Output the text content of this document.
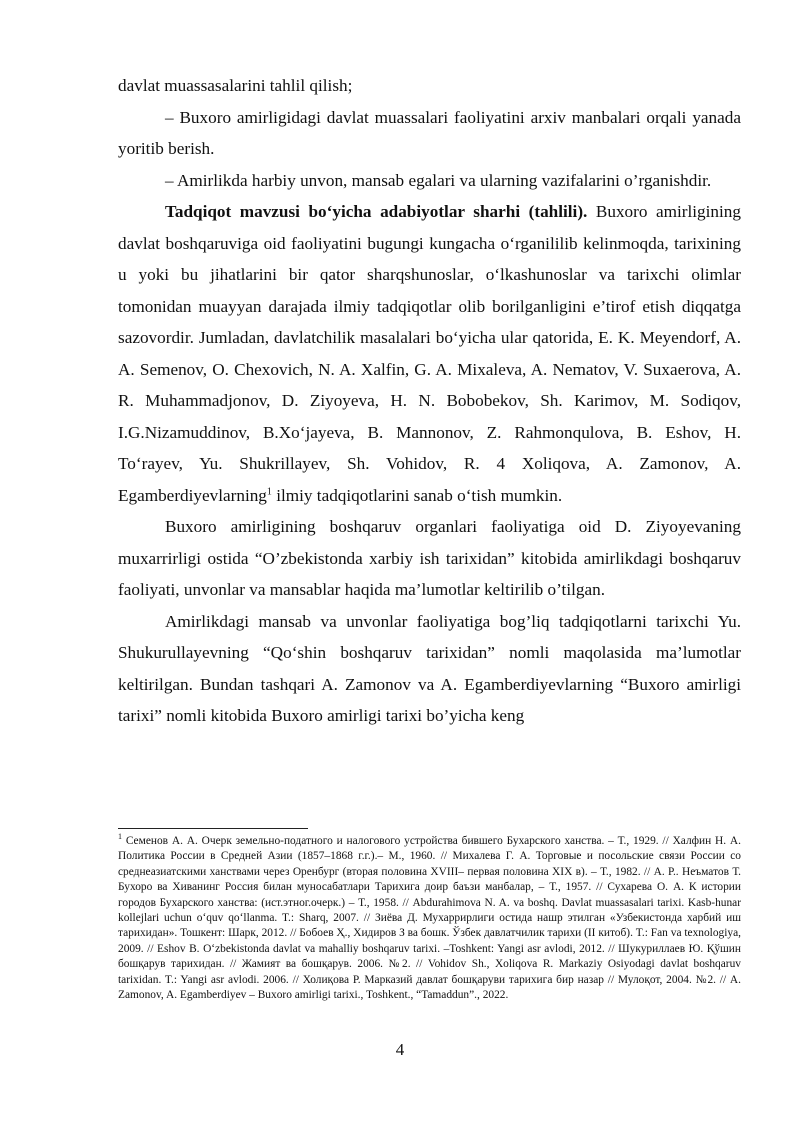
davlat muassasalarini tahlil qilish;

– Buxoro amirligidagi davlat muassalari faoliyatini arxiv manbalari orqali yanada yoritib berish.

– Amirlikda harbiy unvon, mansab egalari va ularning vazifalarini o’rganishdir.

Tadqiqot mavzusi bo‘yicha adabiyotlar sharhi (tahlili). Buxoro amirligining davlat boshqaruviga oid faoliyatini bugungi kungacha o‘rganililib kelinmoqda, tarixining u yoki bu jihatlarini bir qator sharqshunoslar, o‘lkashunoslar va tarixchi olimlar tomonidan muayyan darajada ilmiy tadqiqotlar olib borilganligini e’tirof etish diqqatga sazovordir. Jumladan, davlatchilik masalalari bo‘yicha ular qatorida, E. K. Meyendorf, A. A. Semenov, O. Chexovich, N. A. Xalfin, G. A. Mixaleva, A. Nematov, V. Suxaerova, A. R. Muhammadjonov, D. Ziyoyeva, H. N. Bobobekov, Sh. Karimov, M. Sodiqov, I.G.Nizamuddinov, B.Xo‘jayeva, B. Mannonov, Z. Rahmonqulova, B. Eshov, H. To‘rayev, Yu. Shukrillayev, Sh. Vohidov, R. 4 Xoliqova, A. Zamonov, A. Egamberdiyevlarning$^1$ ilmiy tadqiqotlarini sanab o‘tish mumkin.

Buxoro amirligining boshqaruv organlari faoliyatiga oid D. Ziyoyevaning muxarrirligi ostida “O’zbekistonda xarbiy ish tarixidan” kitobida amirlikdagi boshqaruv faoliyati, unvonlar va mansablar haqida ma’lumotlar keltirilib o’tilgan.

Amirlikdagi mansab va unvonlar faoliyatiga bog’liq tadqiqotlarni tarixchi Yu. Shukurullayevning “Qo‘shin boshqaruv tarixidan” nomli maqolasida ma’lumotlar keltirilgan. Bundan tashqari A. Zamonov va A. Egamberdiyevlarning “Buxoro amirligi tarixi” nomli kitobida Buxoro amirligi tarixi bo’yicha keng

$^1$ Семенов А. А. Очерк земельно-податного и налогового устройства бившего Бухарского ханства. – Т., 1929. // Халфин Н. А. Политика России в Средней Азии (1857–1868 г.г.).– М., 1960. // Михалева Г. А. Торговые и посольские связи России со среднеазиатскими ханствами через Оренбург (вторая половина XVIII– первая половина XIX в). – Т., 1982. // А. Р.. Неъматов Т. Бухоро ва Хиванинг Россия билан муносабатлари Тарихига доир баъзи манбалар, – Т., 1957. // Сухарева О. А. К истории городов Бухарского ханства: (ист.этног.очерк.) – Т., 1958. // Abdurahimova N. A. va boshq. Davlat muassasalari tarixi. Kasb-hunar kollejlari uchun o‘quv qo‘llanma. T.: Sharq, 2007. // Зиёва Д. Мухаррирлиги остида нашр этилган «Узбекистонда харбий иш тарихидан». Тошкент: Шарк, 2012. // Бобоев Ҳ., Хидиров З ва бошк. Ўзбек давлатчилик тарихи (II китоб). T.: Fan va texnologiya, 2009. // Eshov B. O‘zbekistonda davlat va mahalliy boshqaruv tarixi. –Toshkent: Yangi asr avlodi, 2012. // Шукуриллаев Ю. Қўшин бошқарув тарихидан. // Жамият ва бошқарув. 2006. №2. // Vohidov Sh., Xoliqova R. Markaziy Osiyodagi davlat boshqaruv tarixidan. T.: Yangi asr avlodi. 2006. // Холиқова Р. Марказий давлат бошқаруви тарихига бир назар // Мулоқот, 2004. №2. // A. Zamonov, A. Egamberdiyev – Buxoro amirligi tarixi., Toshkent., “Tamaddun”., 2022.

4
